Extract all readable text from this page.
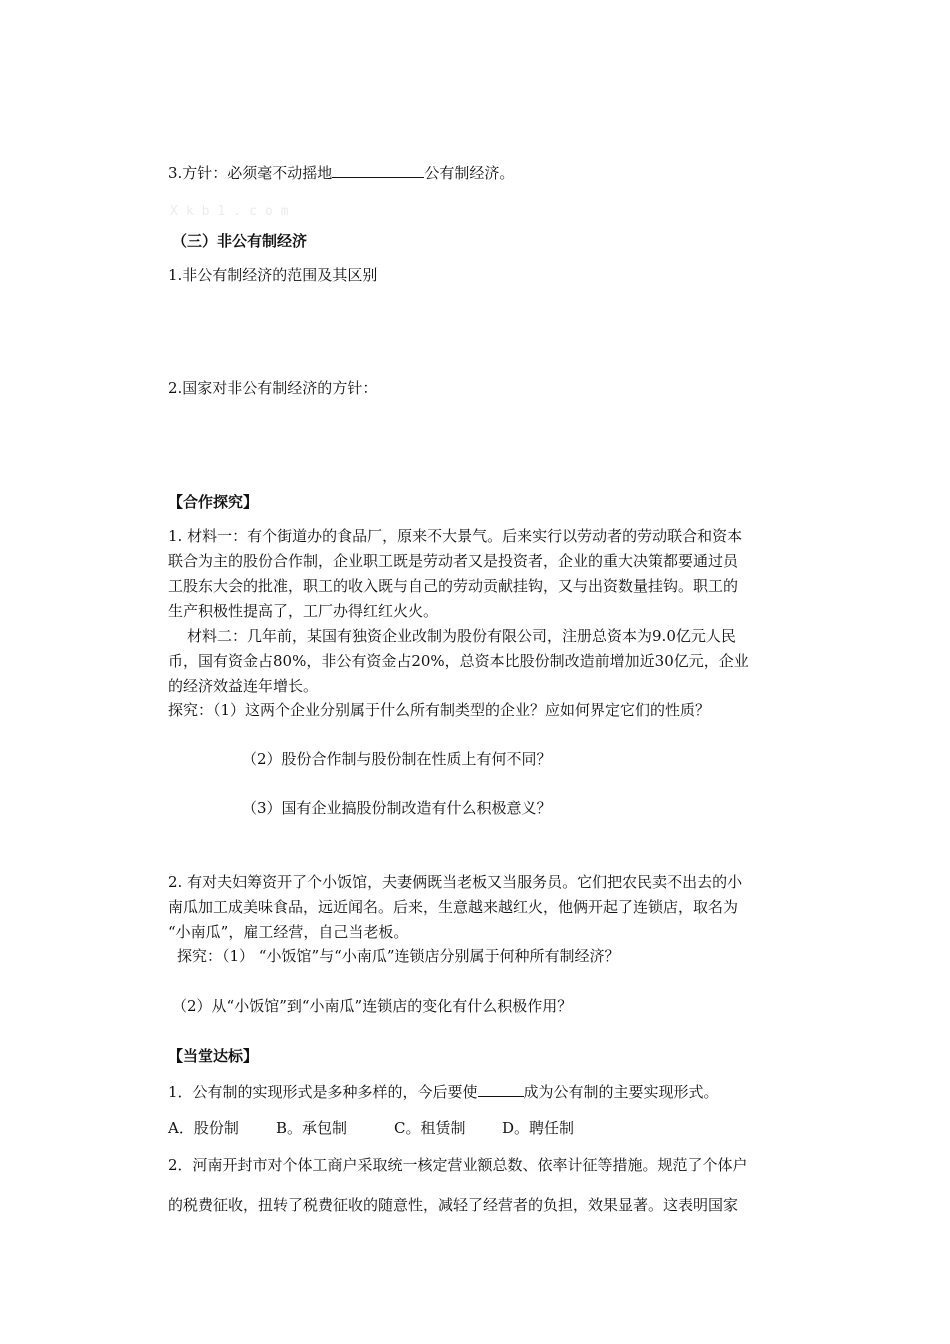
3.方针：必须毫不动摇地	公有制经济。
Xkb1.com
（三）非公有制经济
1.非公有制经济的范围及其区别
2.国家对非公有制经济的方针：
【合作探究】
1. 材料一：有个街道办的食品厂，原来不大景气。后来实行以劳动者的劳动联合和资本
联合为主的股份合作制，企业职工既是劳动者又是投资者，企业的重大决策都要通过员
工股东大会的批准，职工的收入既与自己的劳动贡献挂钩，又与出资数量挂钩。职工的
生产积极性提高了，工厂办得红红火火。
材料二：几年前，某国有独资企业改制为股份有限公司，注册总资本为9.0亿元人民
币，国有资金占80%，非公有资金占20%，总资本比股份制改造前增加近30亿元，企业
的经济效益连年增长。
探究：（1）这两个企业分别属于什么所有制类型的企业？应如何界定它们的性质？
（2）股份合作制与股份制在性质上有何不同？
（3）国有企业搞股份制改造有什么积极意义？
2. 有对夫妇筹资开了个小饭馆，夫妻俩既当老板又当服务员。它们把农民卖不出去的小
南瓜加工成美味食品，远近闻名。后来，生意越来越红火，他俩开起了连锁店，取名为
“小南瓜”，雇工经营，自己当老板。
探究：（1） “小饭馆”与“小南瓜”连锁店分别属于何种所有制经济？
（2）从“小饭馆”到“小南瓜”连锁店的变化有什么积极作用？
【当堂达标】
1．公有制的实现形式是多种多样的，今后要使	成为公有制的主要实现形式。
A．股份制 B。承包制	C。租赁制 D。聘任制
2．河南开封市对个体工商户采取统一核定营业额总数、依率计征等措施。规范了个体户
的税费征收，扭转了税费征收的随意性，减轻了经营者的负担，效果显著。这表明国家
